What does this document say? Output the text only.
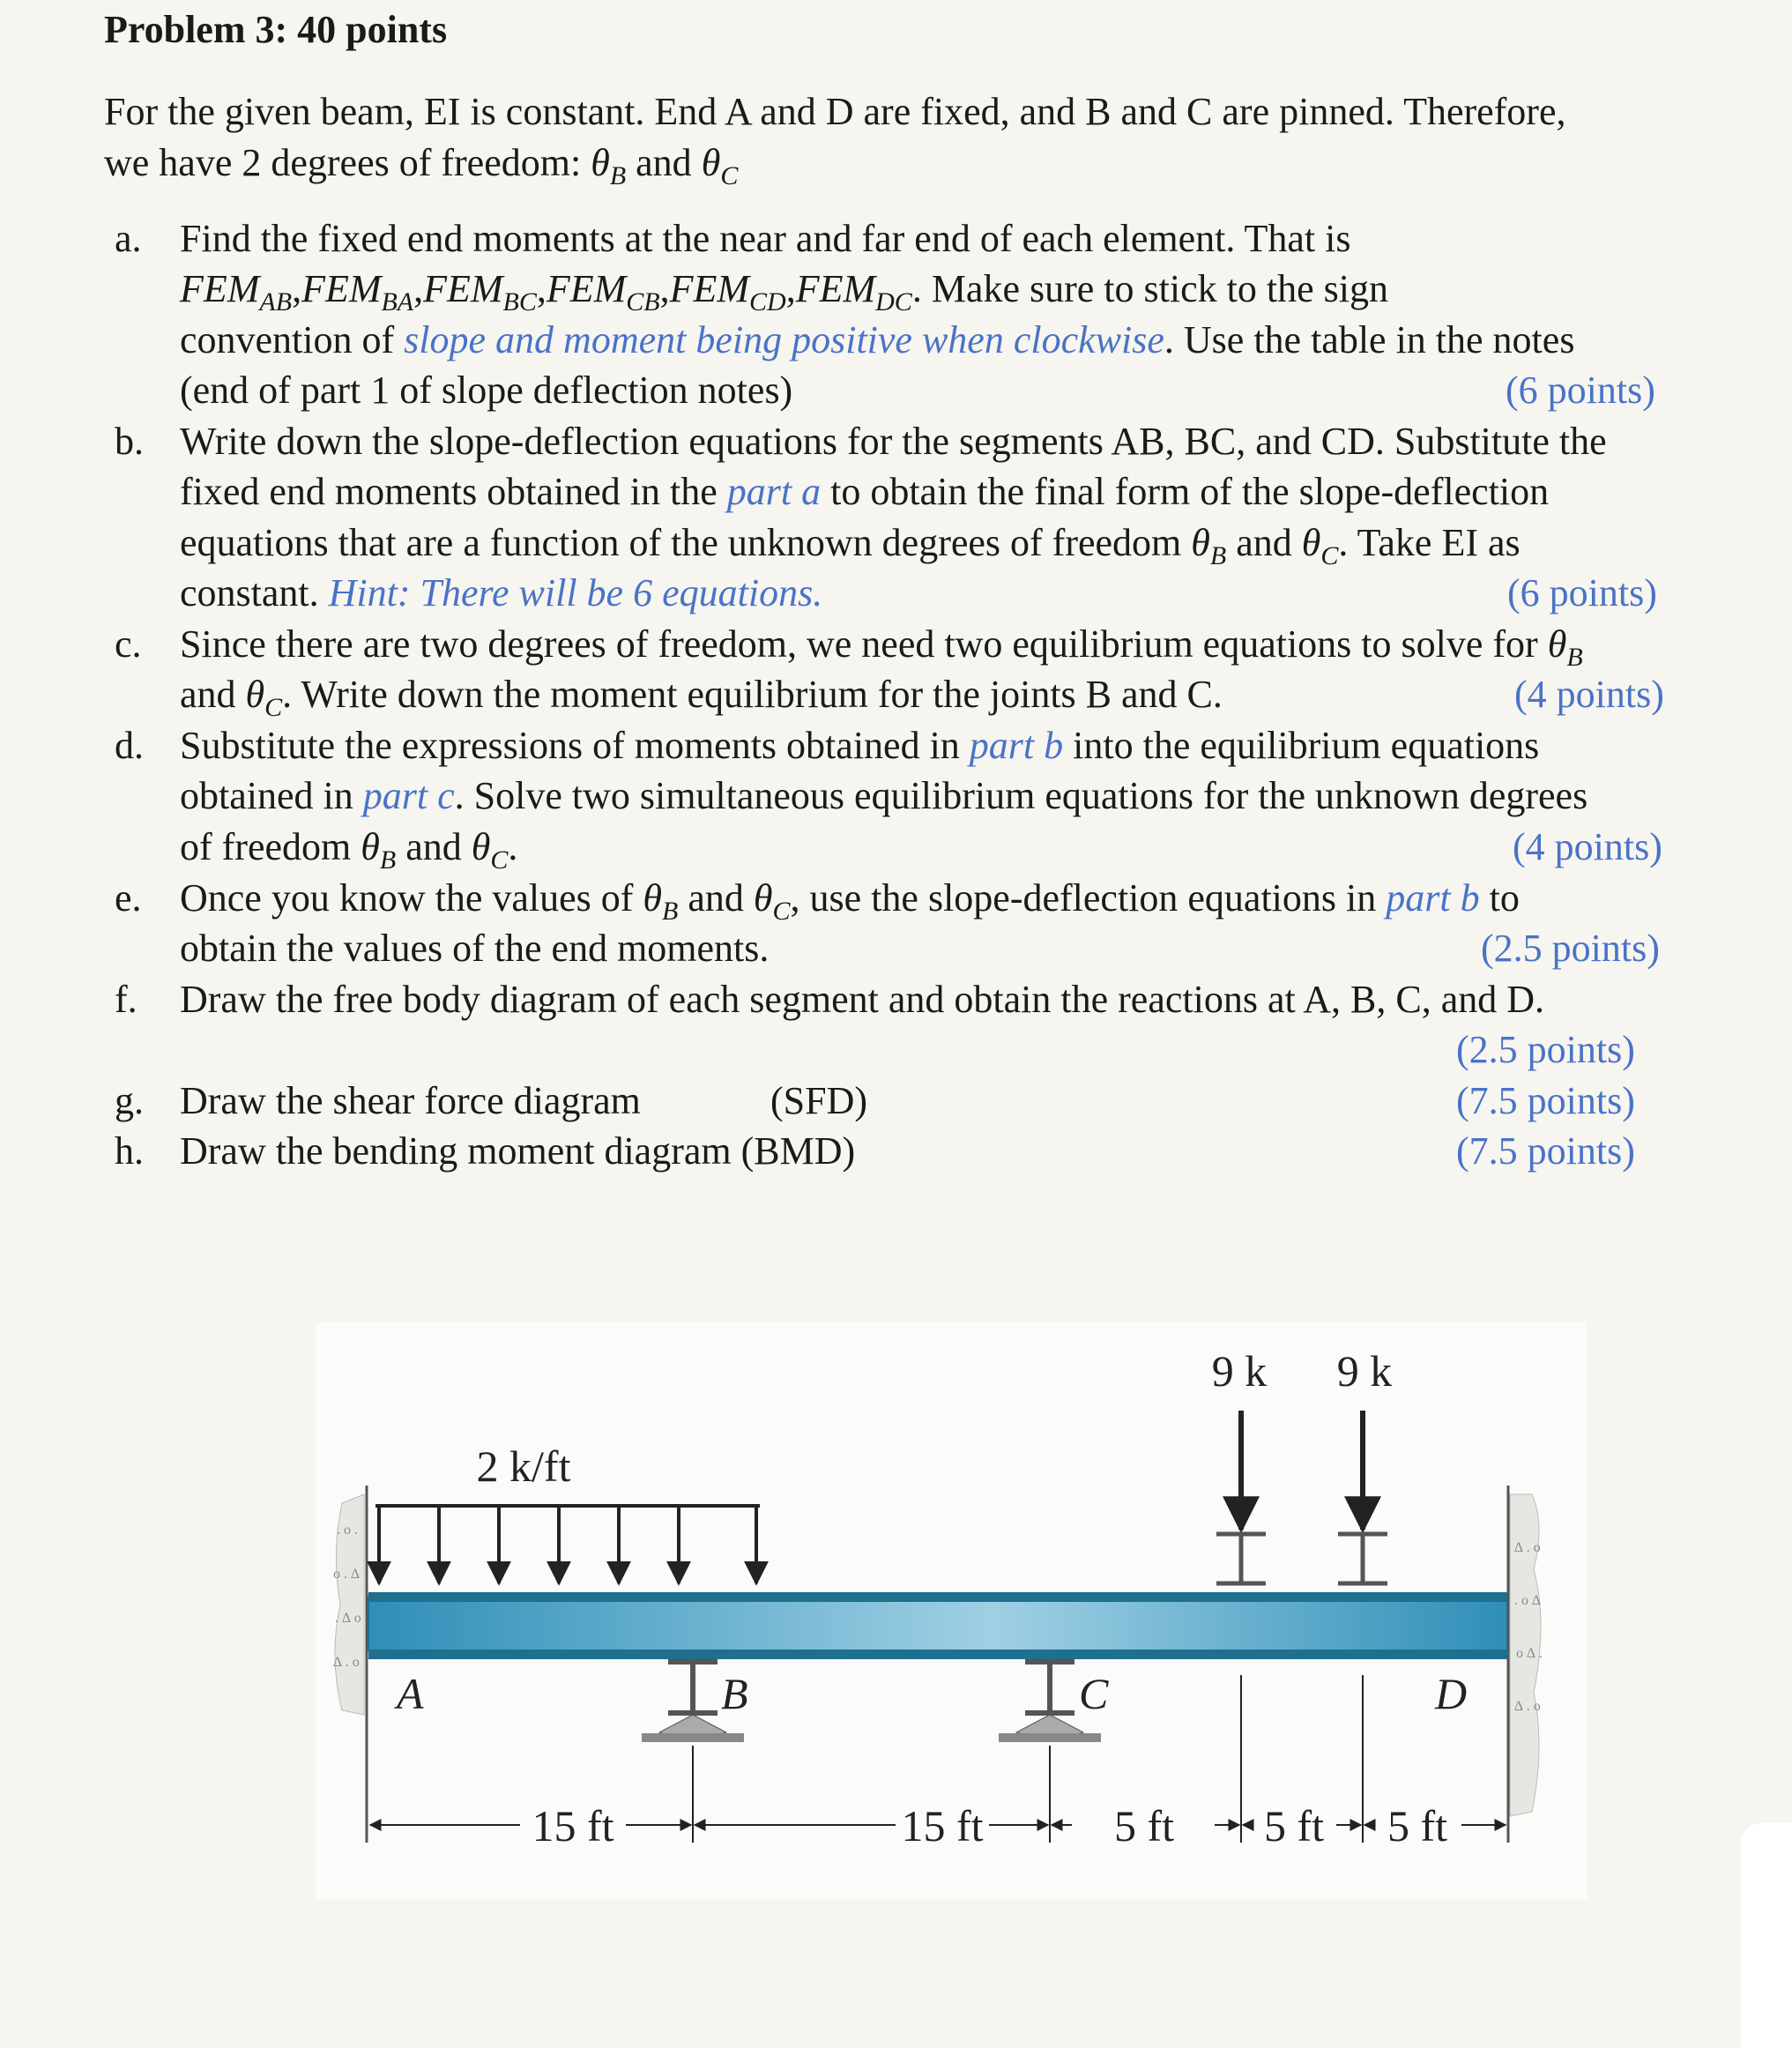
Problem 3: 40 points
For the given beam, EI is constant. End A and D are fixed, and B and C are pinned. Therefore,
we have 2 degrees of freedom: $\theta_B$ and $\theta_C$
a. Find the fixed end moments at the near and far end of each element. That is
$FEM_{AB},FEM_{BA},FEM_{BC},FEM_{CB},FEM_{CD},FEM_{DC}$. Make sure to stick to the sign
convention of slope and moment being positive when clockwise. Use the table in the notes
(end of part 1 of slope deflection notes)	(6 points)
b. Write down the slope-deflection equations for the segments AB, BC, and CD. Substitute the
fixed end moments obtained in the part a to obtain the final form of the slope-deflection
equations that are a function of the unknown degrees of freedom $\theta_B$ and $\theta_C$. Take EI as
constant. Hint: There will be 6 equations.	(6 points)
c. Since there are two degrees of freedom, we need two equilibrium equations to solve for $\theta_B$
and $\theta_C$. Write down the moment equilibrium for the joints B and C.	(4 points)
d. Substitute the expressions of moments obtained in part b into the equilibrium equations
obtained in part c. Solve two simultaneous equilibrium equations for the unknown degrees
of freedom $\theta_B$ and $\theta_C$.	(4 points)
e. Once you know the values of $\theta_B$ and $\theta_C$, use the slope-deflection equations in part b to
obtain the values of the end moments.	(2.5 points)
f. Draw the free body diagram of each segment and obtain the reactions at A, B, C, and D.
(2.5 points)
g. Draw the shear force diagram	(SFD)	(7.5 points)
h. Draw the bending moment diagram (BMD)	(7.5 points)
. o .
o . ∆
. ∆ o
∆ . o
∆ . o
. o ∆
o ∆ .
∆ . o
2 k/ft
9 k 9 k
A	B	C	D
15 ft	15 ft	5 ft 5 ft 5 ft
